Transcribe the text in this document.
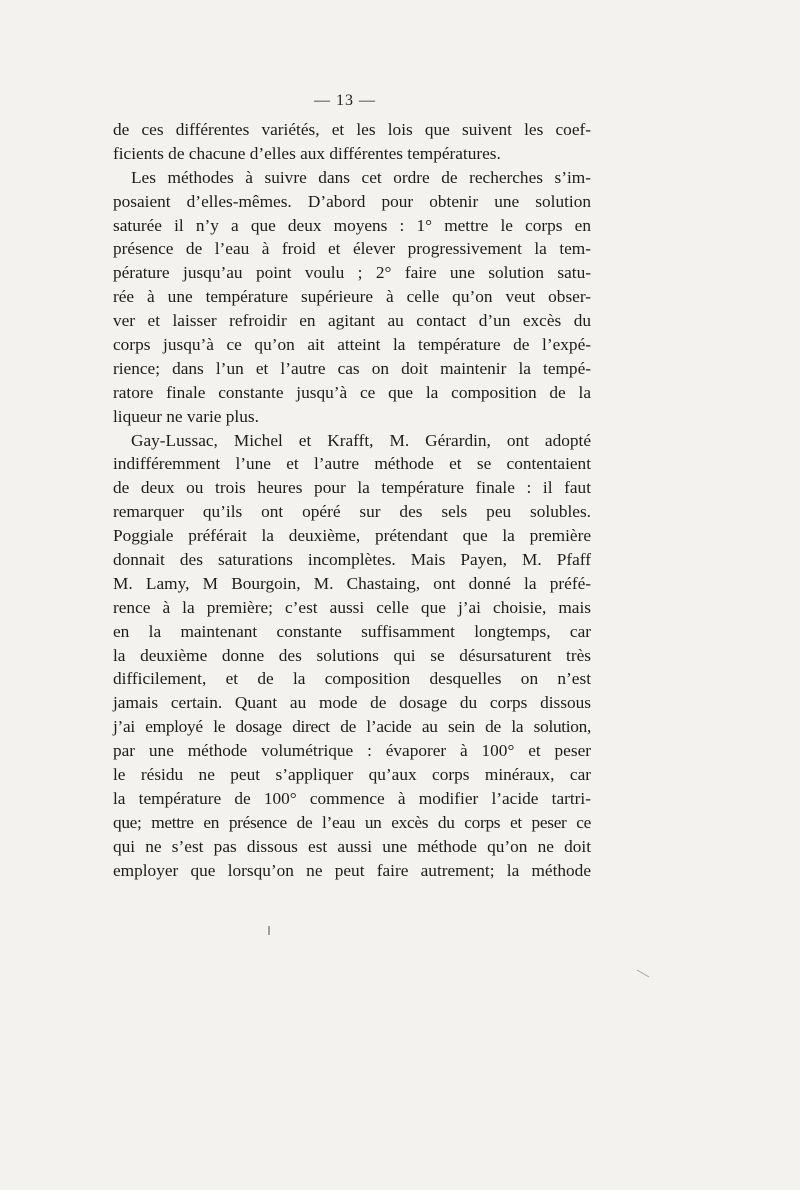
— 13 —
de ces différentes variétés, et les lois que suivent les coef-
ficients de chacune d’elles aux différentes températures.
Les méthodes à suivre dans cet ordre de recherches s’im-
posaient d’elles-mêmes. D’abord pour obtenir une solution
saturée il n’y a que deux moyens : 1° mettre le corps en
présence de l’eau à froid et élever progressivement la tem-
pérature jusqu’au point voulu ; 2° faire une solution satu-
rée à une température supérieure à celle qu’on veut obser-
ver et laisser refroidir en agitant au contact d’un excès du
corps jusqu’à ce qu’on ait atteint la température de l’expé-
rience; dans l’un et l’autre cas on doit maintenir la tempé-
ratore finale constante jusqu’à ce que la composition de la
liqueur ne varie plus.
Gay-Lussac, Michel et Krafft, M. Gérardin, ont adopté
indifféremment l’une et l’autre méthode et se contentaient
de deux ou trois heures pour la température finale : il faut
remarquer qu’ils ont opéré sur des sels peu solubles.
Poggiale préférait la deuxième, prétendant que la première
donnait des saturations incomplètes. Mais Payen, M. Pfaff
M. Lamy, M Bourgoin, M. Chastaing, ont donné la préfé-
rence à la première; c’est aussi celle que j’ai choisie, mais
en la maintenant constante suffisamment longtemps, car
la deuxième donne des solutions qui se désursaturent très
difficilement, et de la composition desquelles on n’est
jamais certain. Quant au mode de dosage du corps dissous
j’ai employé le dosage direct de l’acide au sein de la solution,
par une méthode volumétrique : évaporer à 100° et peser
le résidu ne peut s’appliquer qu’aux corps minéraux, car
la température de 100° commence à modifier l’acide tartri-
que; mettre en présence de l’eau un excès du corps et peser ce
qui ne s’est pas dissous est aussi une méthode qu’on ne doit
employer que lorsqu’on ne peut faire autrement; la méthode
